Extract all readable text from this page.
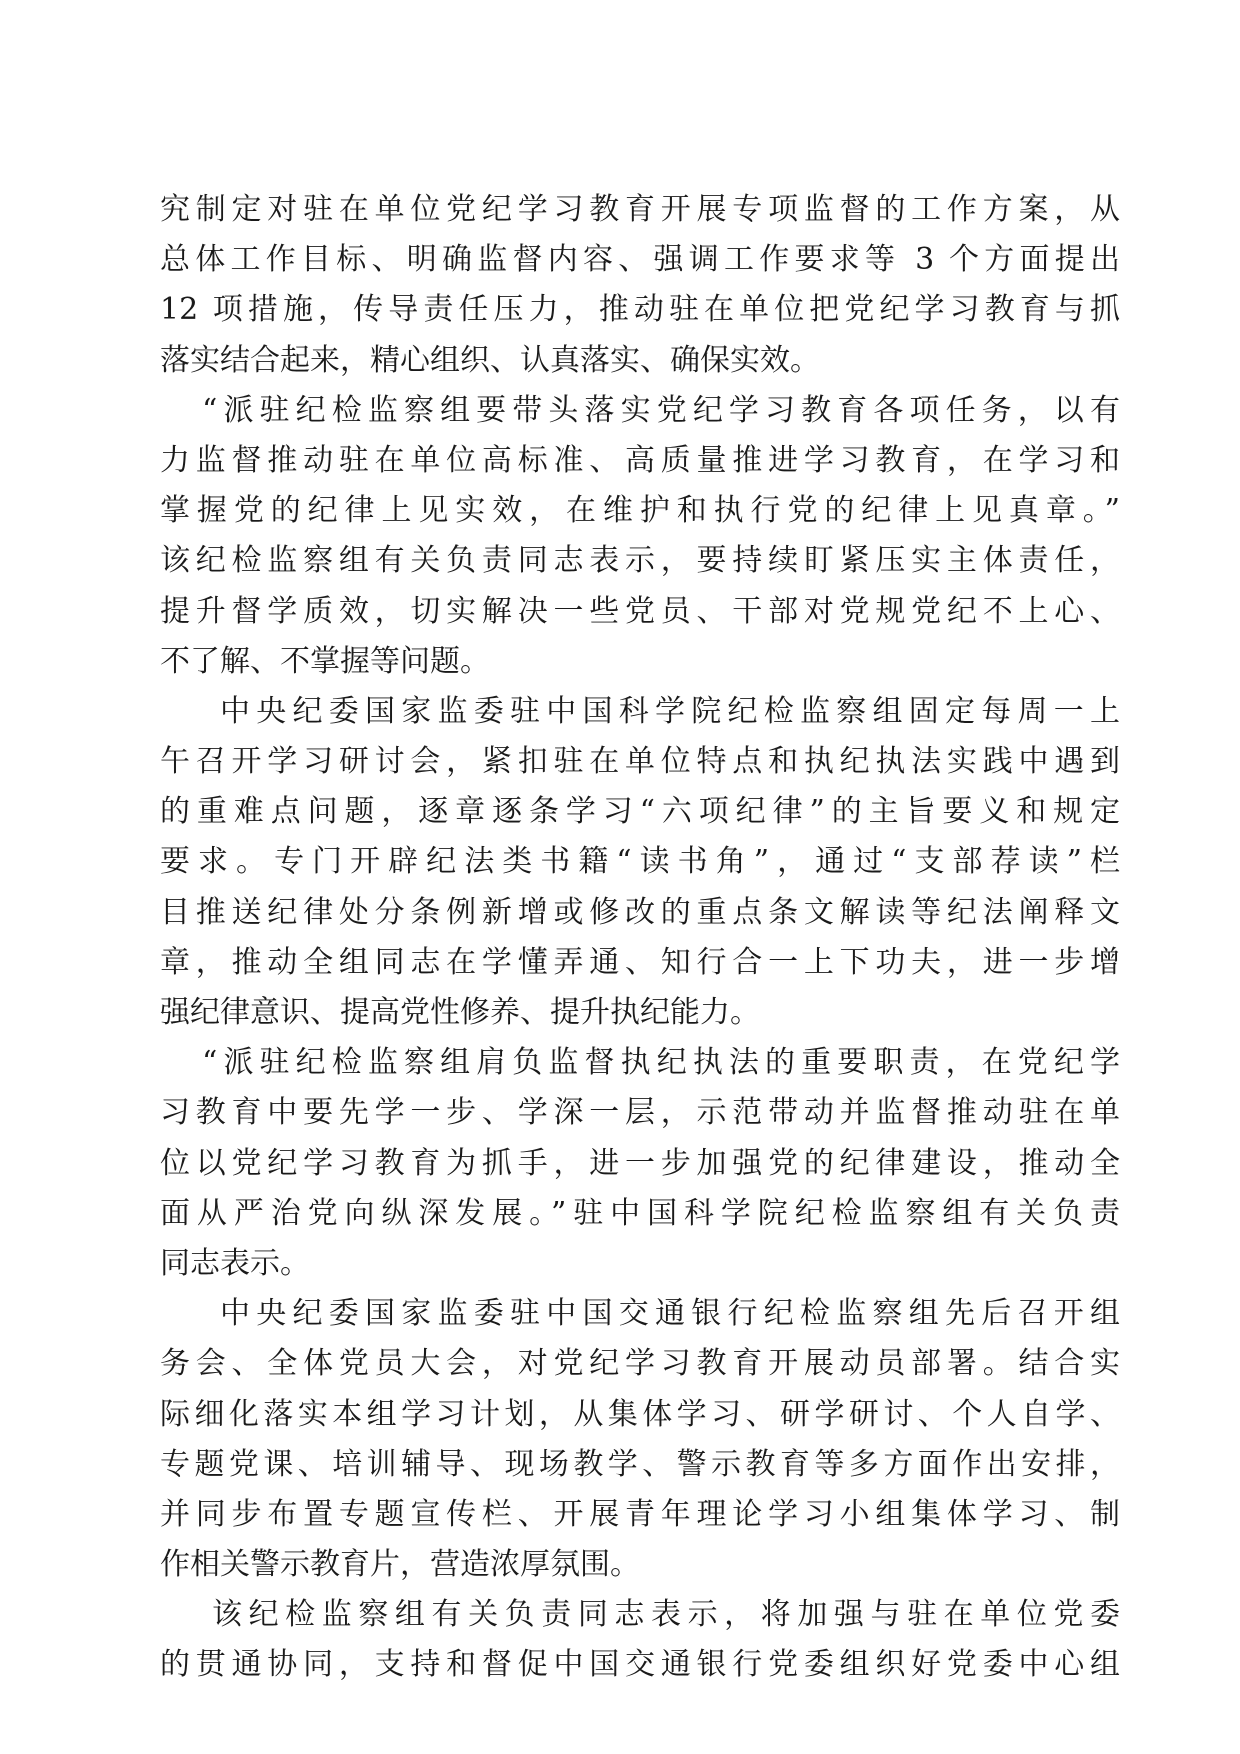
究制定对驻在单位党纪学习教育开展专项监督的工作方案，从
总体工作目标、明确监督内容、强调工作要求等 3 个方面提出
12 项措施，传导责任压力，推动驻在单位把党纪学习教育与抓
落实结合起来，精心组织、认真落实、确保实效。
“派驻纪检监察组要带头落实党纪学习教育各项任务，以有
力监督推动驻在单位高标准、高质量推进学习教育，在学习和
掌握党的纪律上见实效，在维护和执行党的纪律上见真章。”
该纪检监察组有关负责同志表示，要持续盯紧压实主体责任，
提升督学质效，切实解决一些党员、干部对党规党纪不上心、
不了解、不掌握等问题。
中央纪委国家监委驻中国科学院纪检监察组固定每周一上
午召开学习研讨会，紧扣驻在单位特点和执纪执法实践中遇到
的重难点问题，逐章逐条学习“六项纪律”的主旨要义和规定
要求。专门开辟纪法类书籍“读书角”，通过“支部荐读”栏
目推送纪律处分条例新增或修改的重点条文解读等纪法阐释文
章，推动全组同志在学懂弄通、知行合一上下功夫，进一步增
强纪律意识、提高党性修养、提升执纪能力。
“派驻纪检监察组肩负监督执纪执法的重要职责，在党纪学
习教育中要先学一步、学深一层，示范带动并监督推动驻在单
位以党纪学习教育为抓手，进一步加强党的纪律建设，推动全
面从严治党向纵深发展。”驻中国科学院纪检监察组有关负责
同志表示。
中央纪委国家监委驻中国交通银行纪检监察组先后召开组
务会、全体党员大会，对党纪学习教育开展动员部署。结合实
际细化落实本组学习计划，从集体学习、研学研讨、个人自学、
专题党课、培训辅导、现场教学、警示教育等多方面作出安排，
并同步布置专题宣传栏、开展青年理论学习小组集体学习、制
作相关警示教育片，营造浓厚氛围。
该纪检监察组有关负责同志表示，将加强与驻在单位党委
的贯通协同，支持和督促中国交通银行党委组织好党委中心组
